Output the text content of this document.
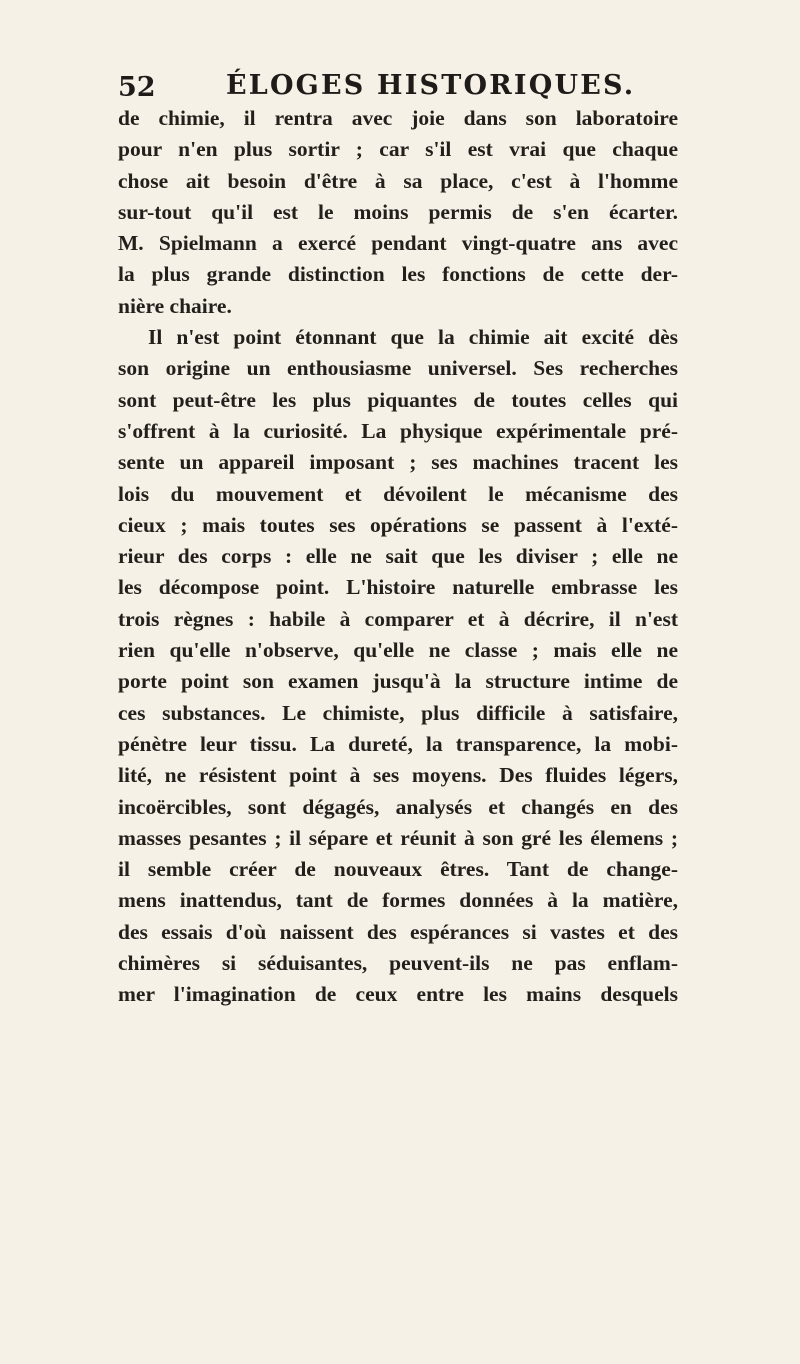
52	ÉLOGES HISTORIQUES.
de chimie, il rentra avec joie dans son laboratoire
pour n'en plus sortir ; car s'il est vrai que chaque
chose ait besoin d'être à sa place, c'est à l'homme
sur-tout qu'il est le moins permis de s'en écarter.
M. Spielmann a exercé pendant vingt-quatre ans avec
la plus grande distinction les fonctions de cette der-
nière chaire.
Il n'est point étonnant que la chimie ait excité dès
son origine un enthousiasme universel. Ses recherches
sont peut-être les plus piquantes de toutes celles qui
s'offrent à la curiosité. La physique expérimentale pré-
sente un appareil imposant ; ses machines tracent les
lois du mouvement et dévoilent le mécanisme des
cieux ; mais toutes ses opérations se passent à l'exté-
rieur des corps : elle ne sait que les diviser ; elle ne
les décompose point. L'histoire naturelle embrasse les
trois règnes : habile à comparer et à décrire, il n'est
rien qu'elle n'observe, qu'elle ne classe ; mais elle ne
porte point son examen jusqu'à la structure intime de
ces substances. Le chimiste, plus difficile à satisfaire,
pénètre leur tissu. La dureté, la transparence, la mobi-
lité, ne résistent point à ses moyens. Des fluides légers,
incoërcibles, sont dégagés, analysés et changés en des
masses pesantes ; il sépare et réunit à son gré les élemens ;
il semble créer de nouveaux êtres. Tant de change-
mens inattendus, tant de formes données à la matière,
des essais d'où naissent des espérances si vastes et des
chimères si séduisantes, peuvent-ils ne pas enflam-
mer l'imagination de ceux entre les mains desquels
